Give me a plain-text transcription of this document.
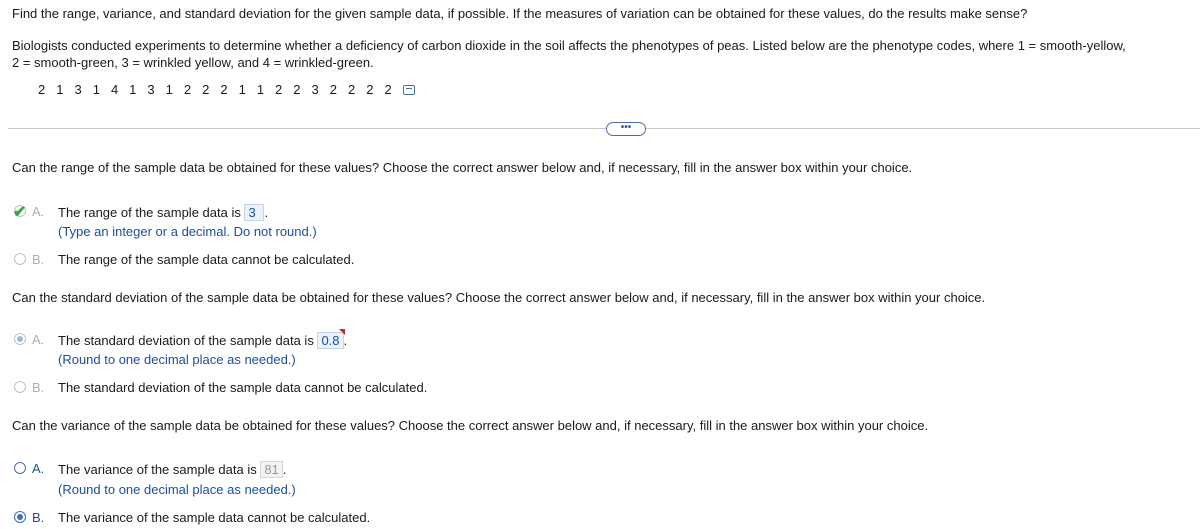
Find the range, variance, and standard deviation for the given sample data, if possible. If the measures of variation can be obtained for these values, do the results make sense?
Biologists conducted experiments to determine whether a deficiency of carbon dioxide in the soil affects the phenotypes of peas. Listed below are the phenotype codes, where 1 = smooth-yellow,
2 = smooth-green, 3 = wrinkled yellow, and 4 = wrinkled-green.
2 1 3 1 4 1 3 1 2 2 2 1 1 2 2 3 2 2 2 2
•••
Can the range of the sample data be obtained for these values? Choose the correct answer below and, if necessary, fill in the answer box within your choice.
✔ A. The range of the sample data is 3 .
(Type an integer or a decimal. Do not round.)
B. The range of the sample data cannot be calculated.
Can the standard deviation of the sample data be obtained for these values? Choose the correct answer below and, if necessary, fill in the answer box within your choice.
A. The standard deviation of the sample data is 0.8 .
(Round to one decimal place as needed.)
B. The standard deviation of the sample data cannot be calculated.
Can the variance of the sample data be obtained for these values? Choose the correct answer below and, if necessary, fill in the answer box within your choice.
A. The variance of the sample data is 81 .
(Round to one decimal place as needed.)
B. The variance of the sample data cannot be calculated.
